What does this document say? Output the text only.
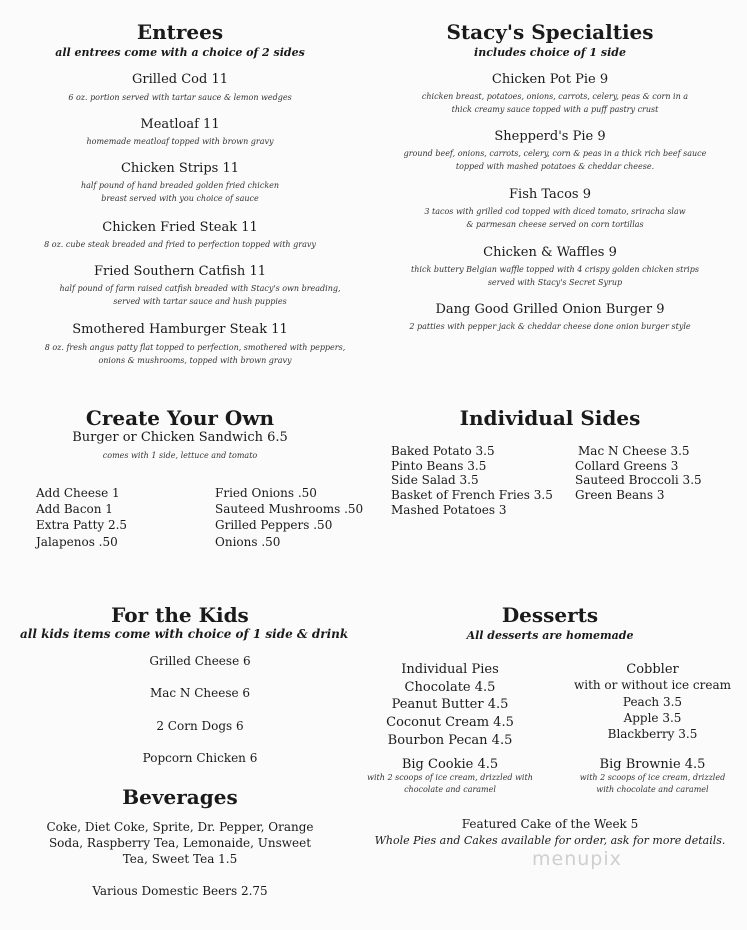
Entrees
all entrees come with a choice of 2 sides
Grilled Cod 11
6 oz. portion served with tartar sauce & lemon wedges
Meatloaf 11
homemade meatloaf topped with brown gravy
Chicken Strips 11
half pound of hand breaded golden fried chicken breast served with you choice of sauce
Chicken Fried Steak 11
8 oz. cube steak breaded and fried to perfection topped with gravy
Fried Southern Catfish 11
half pound of farm raised catfish breaded with Stacy's own breading, served with tartar sauce and hush puppies
Smothered Hamburger Steak 11
8 oz. fresh angus patty flat topped to perfection, smothered with peppers, onions & mushrooms, topped with brown gravy
Stacy's Specialties
includes choice of 1 side
Chicken Pot Pie 9
chicken breast, potatoes, onions, carrots, celery, peas & corn in a thick creamy sauce topped with a puff pastry crust
Shepperd's Pie 9
ground beef, onions, carrots, celery, corn & peas in a thick rich beef sauce topped with mashed potatoes & cheddar cheese.
Fish Tacos 9
3 tacos with grilled cod topped with diced tomato, sriracha slaw & parmesan cheese served on corn tortillas
Chicken & Waffles 9
thick buttery Belgian waffle topped with 4 crispy golden chicken strips served with Stacy's Secret Syrup
Dang Good Grilled Onion Burger 9
2 patties with pepper jack & cheddar cheese done onion burger style
Create Your Own
Burger or Chicken Sandwich 6.5
comes with 1 side, lettuce and tomato
Add Cheese 1
Add Bacon 1
Extra Patty 2.5
Jalapenos .50
Fried Onions .50
Sauteed Mushrooms .50
Grilled Peppers .50
Onions .50
Individual Sides
Baked Potato 3.5
Pinto Beans 3.5
Side Salad 3.5
Basket of French Fries 3.5
Mashed Potatoes 3
Mac N Cheese 3.5
Collard Greens 3
Sauteed Broccoli 3.5
Green Beans 3
For the Kids
all kids items come with choice of 1 side & drink
Grilled Cheese 6
Mac N Cheese 6
2 Corn Dogs 6
Popcorn Chicken 6
Beverages
Coke, Diet Coke, Sprite, Dr. Pepper, Orange
Soda, Raspberry Tea, Lemonaide, Unsweet
Tea, Sweet Tea 1.5
Various Domestic Beers 2.75
Desserts
All desserts are homemade
Individual Pies
Chocolate 4.5
Peanut Butter 4.5
Coconut Cream 4.5
Bourbon Pecan 4.5
Cobbler
with or without ice cream
Peach 3.5
Apple 3.5
Blackberry 3.5
Big Cookie 4.5
with 2 scoops of ice cream, drizzled with chocolate and caramel
Big Brownie 4.5
with 2 scoops of ice cream, drizzled with chocolate and caramel
Featured Cake of the Week 5
Whole Pies and Cakes available for order, ask for more details.
menupix
